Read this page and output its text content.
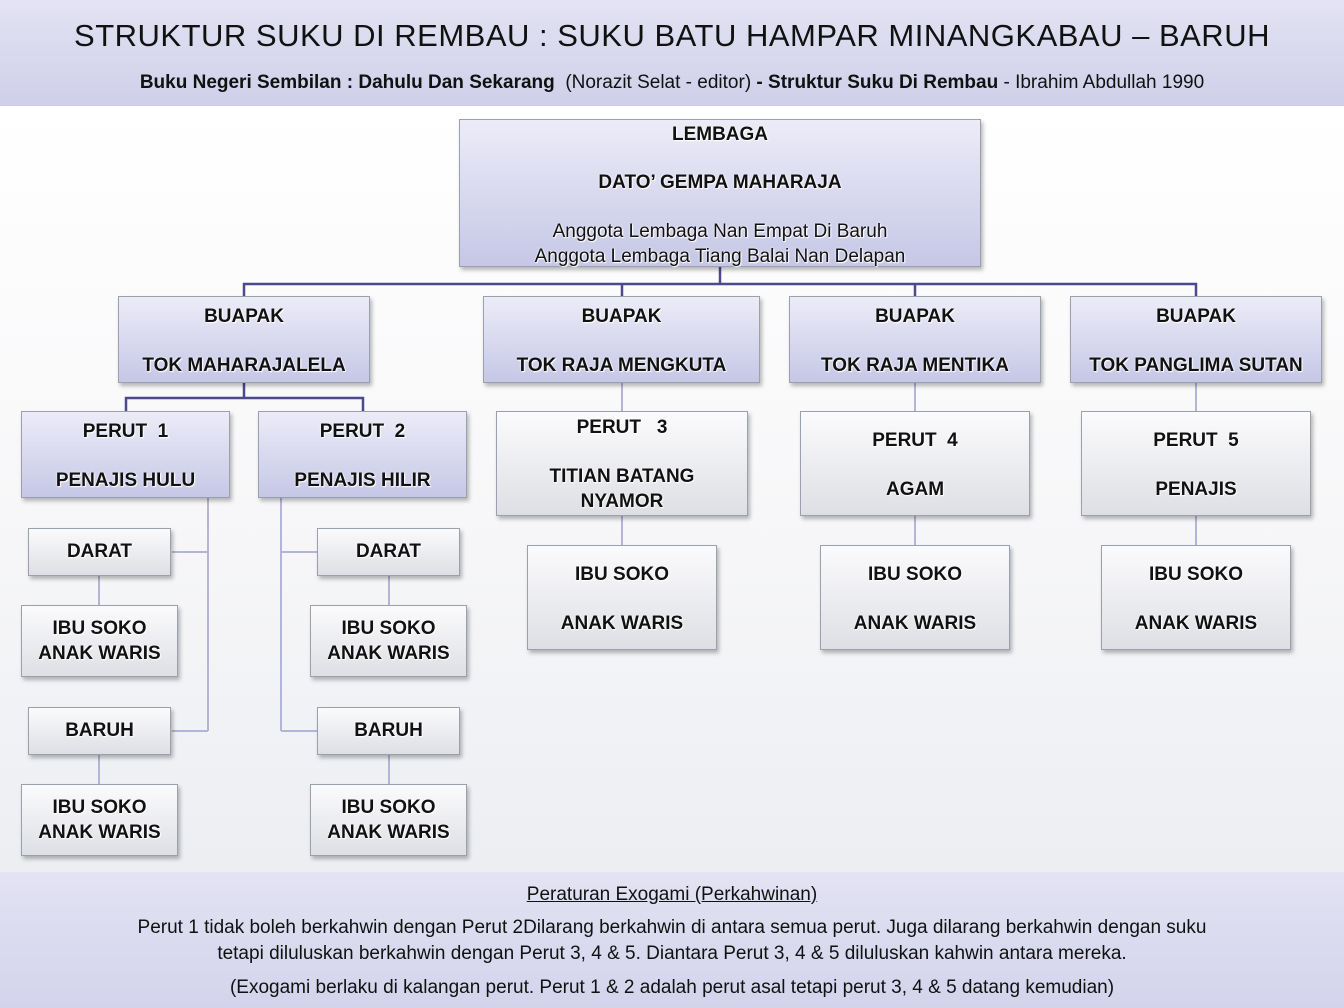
STRUKTUR SUKU DI REMBAU : SUKU BATU HAMPAR MINANGKABAU – BARUH
Buku Negeri Sembilan : Dahulu Dan Sekarang (Norazit Selat - editor) - Struktur Suku Di Rembau - Ibrahim Abdullah 1990
LEMBAGA
DATO’ GEMPA MAHARAJA
Anggota Lembaga Nan Empat Di Baruh
Anggota Lembaga Tiang Balai Nan Delapan
BUAPAK
TOK MAHARAJALELA
BUAPAK
TOK RAJA MENGKUTA
BUAPAK
TOK RAJA MENTIKA
BUAPAK
TOK PANGLIMA SUTAN
PERUT  1
PENAJIS HULU
PERUT  2
PENAJIS HILIR
PERUT   3
TITIAN BATANG
NYAMOR
PERUT  4
AGAM
PERUT  5
PENAJIS
DARAT
IBU SOKO
ANAK WARIS
BARUH
IBU SOKO
ANAK WARIS
DARAT
IBU SOKO
ANAK WARIS
BARUH
IBU SOKO
ANAK WARIS
IBU SOKO
ANAK WARIS
IBU SOKO
ANAK WARIS
IBU SOKO
ANAK WARIS
Peraturan Exogami (Perkahwinan)
Perut 1 tidak boleh berkahwin dengan Perut 2Dilarang berkahwin di antara semua perut. Juga dilarang berkahwin dengan suku
tetapi diluluskan berkahwin dengan Perut 3, 4 & 5. Diantara Perut 3, 4 & 5 diluluskan kahwin antara mereka.
(Exogami berlaku di kalangan perut. Perut 1 & 2 adalah perut asal tetapi perut 3, 4 & 5 datang kemudian)
